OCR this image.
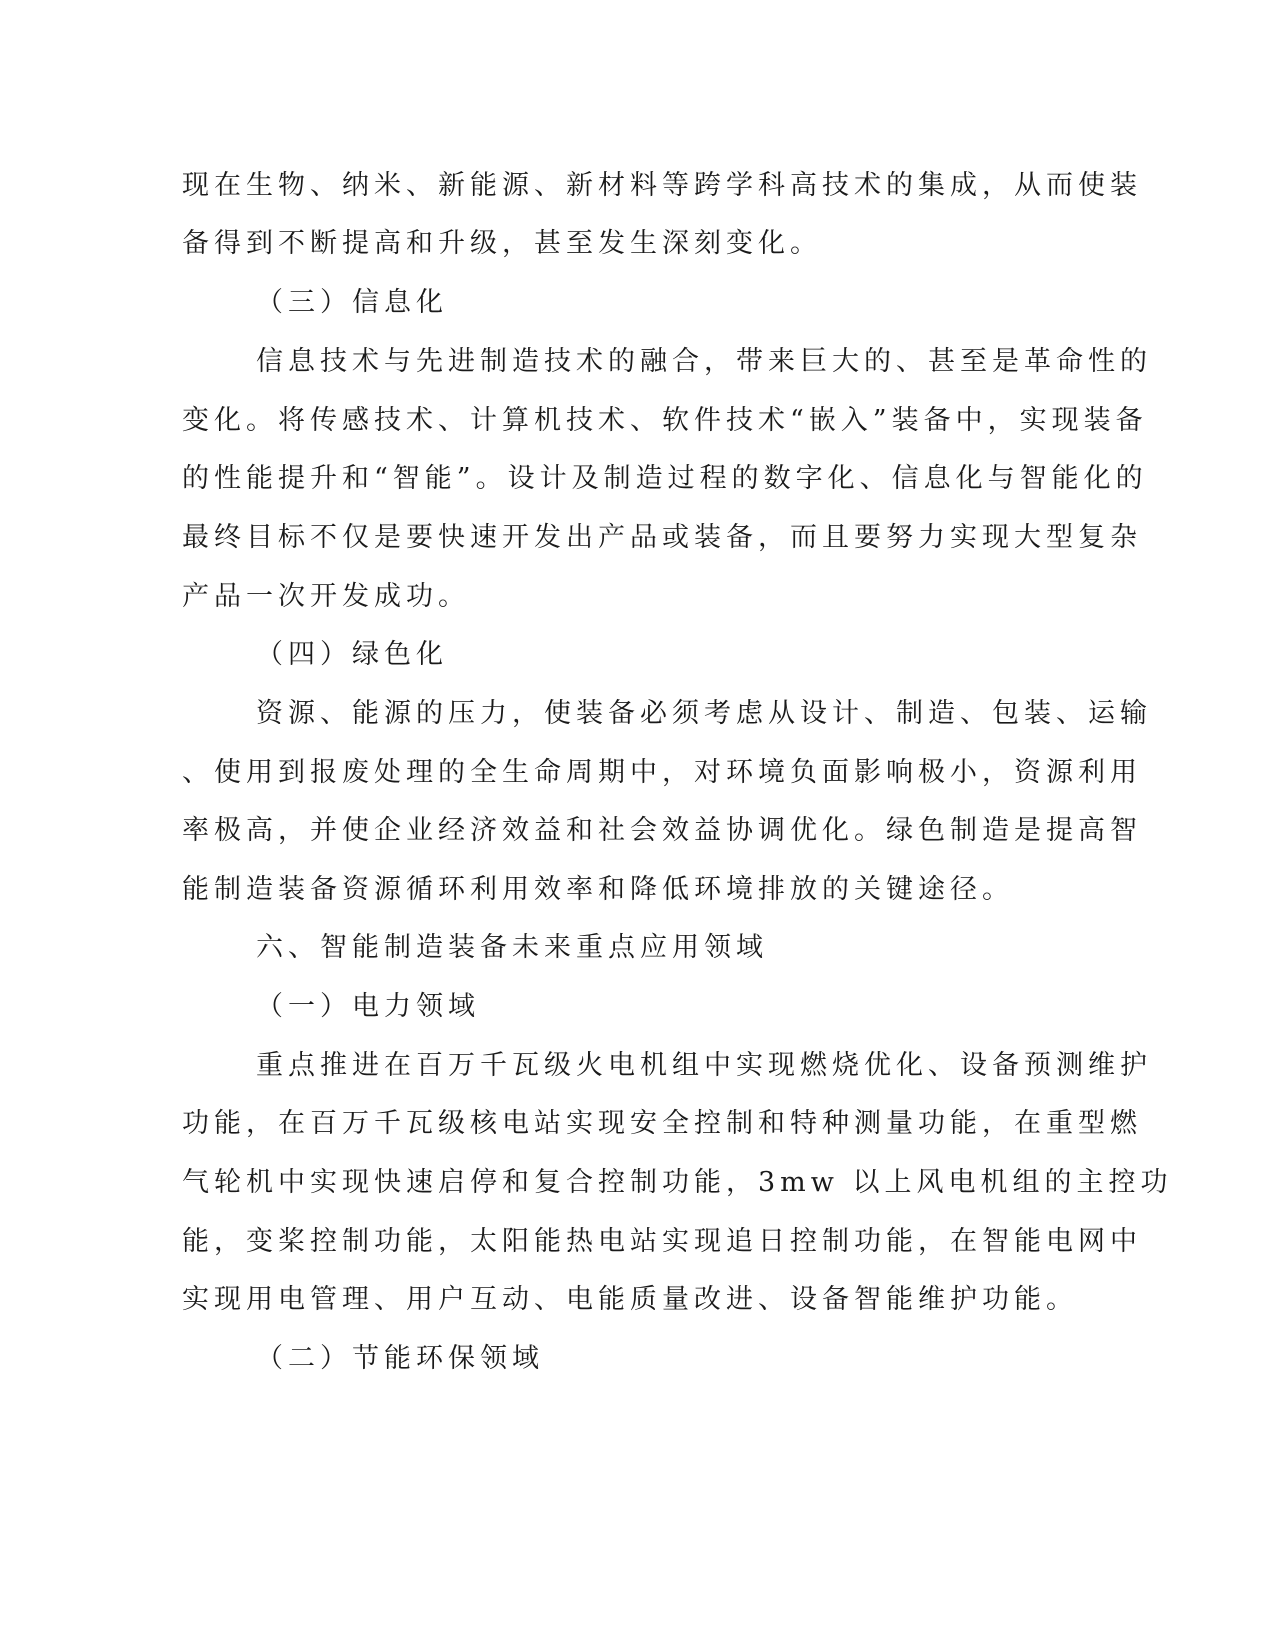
现在生物、纳米、新能源、新材料等跨学科高技术的集成，从而使装
备得到不断提高和升级，甚至发生深刻变化。
（三）信息化
信息技术与先进制造技术的融合，带来巨大的、甚至是革命性的
变化。将传感技术、计算机技术、软件技术“嵌入”装备中，实现装备
的性能提升和“智能”。设计及制造过程的数字化、信息化与智能化的
最终目标不仅是要快速开发出产品或装备，而且要努力实现大型复杂
产品一次开发成功。
（四）绿色化
资源、能源的压力，使装备必须考虑从设计、制造、包装、运输
、使用到报废处理的全生命周期中，对环境负面影响极小，资源利用
率极高，并使企业经济效益和社会效益协调优化。绿色制造是提高智
能制造装备资源循环利用效率和降低环境排放的关键途径。
六、智能制造装备未来重点应用领域
（一）电力领域
重点推进在百万千瓦级火电机组中实现燃烧优化、设备预测维护
功能，在百万千瓦级核电站实现安全控制和特种测量功能，在重型燃
气轮机中实现快速启停和复合控制功能，3mw 以上风电机组的主控功
能，变桨控制功能，太阳能热电站实现追日控制功能，在智能电网中
实现用电管理、用户互动、电能质量改进、设备智能维护功能。
（二）节能环保领域
